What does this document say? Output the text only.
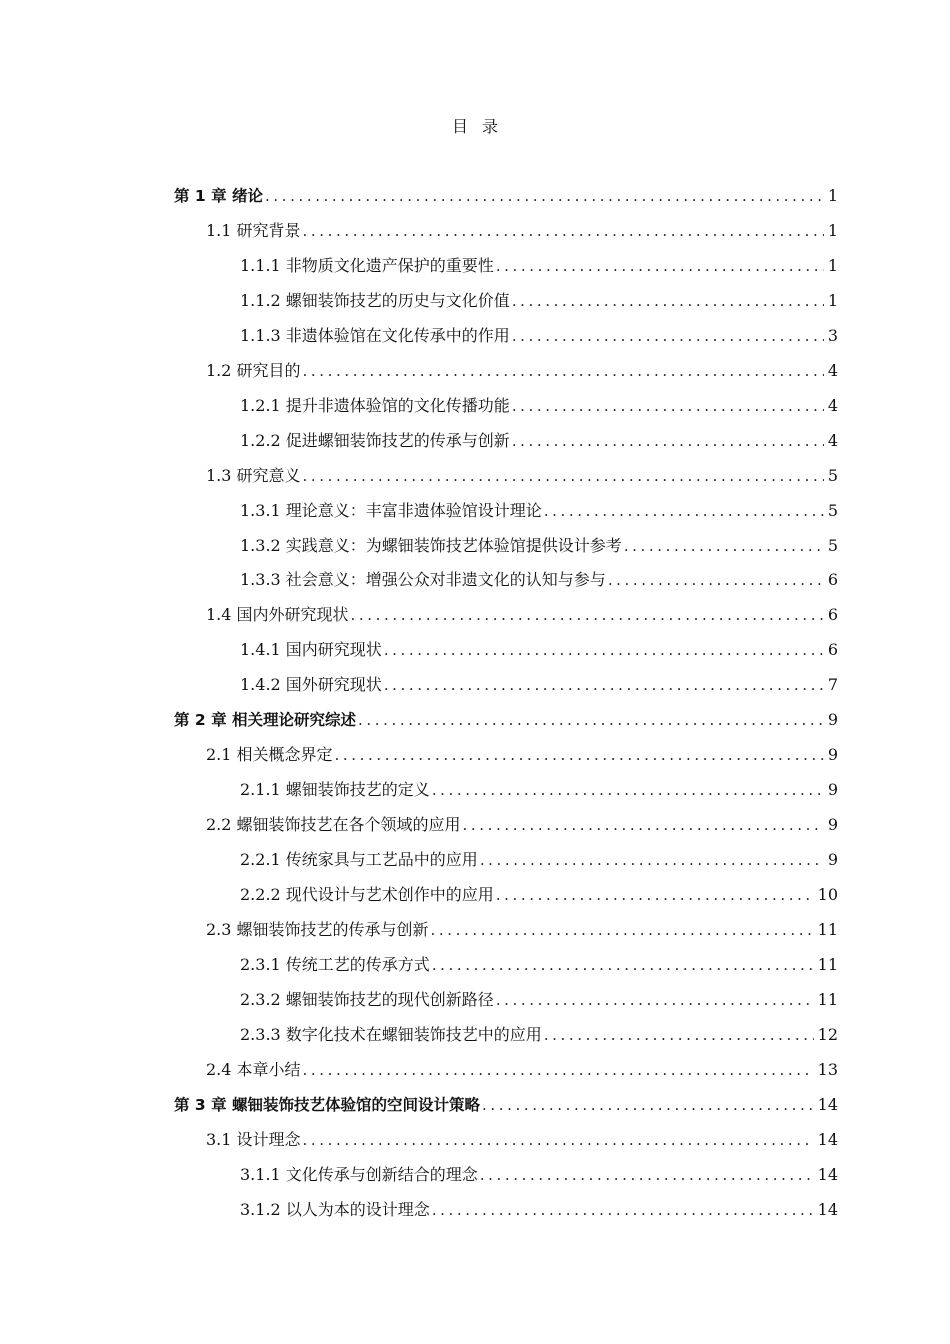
目录
第 1 章 绪论 .....	1
1.1 研究背景 .....	1
1.1.1 非物质文化遗产保护的重要性 .....	1
1.1.2 螺钿装饰技艺的历史与文化价值 .....	1
1.1.3 非遗体验馆在文化传承中的作用 .....	3
1.2 研究目的 .....	4
1.2.1 提升非遗体验馆的文化传播功能 .....	4
1.2.2 促进螺钿装饰技艺的传承与创新 .....	4
1.3 研究意义 .....	5
1.3.1 理论意义：丰富非遗体验馆设计理论 .....	5
1.3.2 实践意义：为螺钿装饰技艺体验馆提供设计参考 .....	5
1.3.3 社会意义：增强公众对非遗文化的认知与参与 .....	6
1.4 国内外研究现状 .....	6
1.4.1 国内研究现状 .....	6
1.4.2 国外研究现状 .....	7
第 2 章 相关理论研究综述 .....	9
2.1 相关概念界定 .....	9
2.1.1 螺钿装饰技艺的定义 .....	9
2.2 螺钿装饰技艺在各个领域的应用 .....	9
2.2.1 传统家具与工艺品中的应用 .....	9
2.2.2 现代设计与艺术创作中的应用 .....	10
2.3 螺钿装饰技艺的传承与创新 .....	11
2.3.1 传统工艺的传承方式 .....	11
2.3.2 螺钿装饰技艺的现代创新路径 .....	11
2.3.3 数字化技术在螺钿装饰技艺中的应用 .....	12
2.4 本章小结 .....	13
第 3 章 螺钿装饰技艺体验馆的空间设计策略 .....	14
3.1 设计理念 .....	14
3.1.1 文化传承与创新结合的理念 .....	14
3.1.2 以人为本的设计理念 .....	14
